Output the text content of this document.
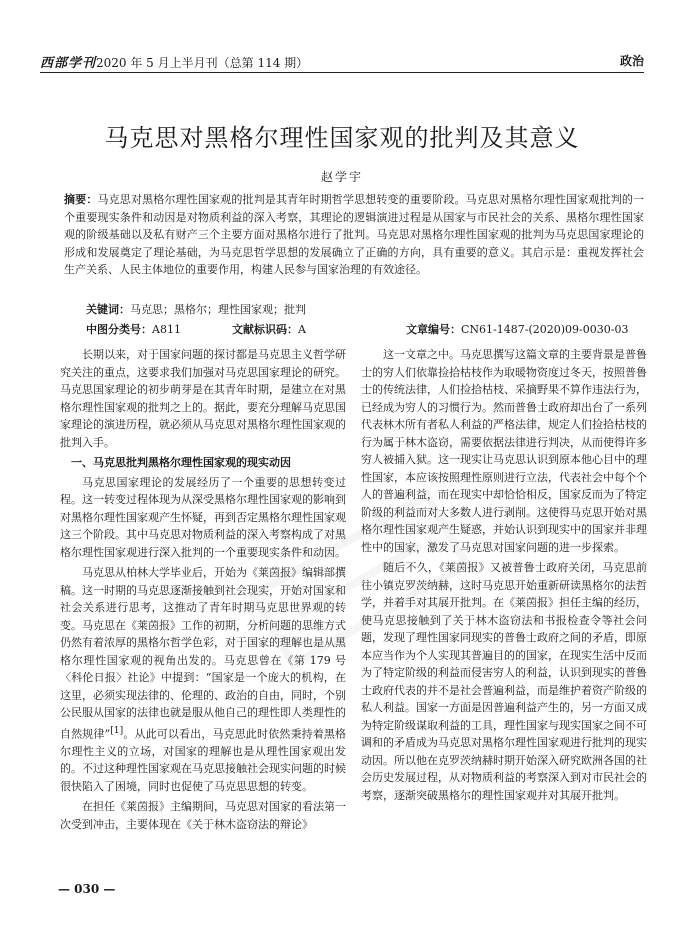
西部学刊2020 年 5 月上半月刊（总第 114 期）	政治
马克思对黑格尔理性国家观的批判及其意义
赵学宇
摘要：马克思对黑格尔理性国家观的批判是其青年时期哲学思想转变的重要阶段。马克思对黑格尔理性国家观批判的一个重要现实条件和动因是对物质利益的深入考察，其理论的逻辑演进过程是从国家与市民社会的关系、黑格尔理性国家观的阶级基础以及私有财产三个主要方面对黑格尔进行了批判。马克思对黑格尔理性国家观的批判为马克思国家理论的形成和发展奠定了理论基础，为马克思哲学思想的发展确立了正确的方向，具有重要的意义。其启示是：重视发挥社会生产关系、人民主体地位的重要作用，构建人民参与国家治理的有效途径。
关键词：马克思；黑格尔；理性国家观；批判
中图分类号：A811	文献标识码：A	文章编号：CN61-1487-(2020)09-0030-03

长期以来，对于国家问题的探讨都是马克思主义哲学研究关注的重点，这要求我们加强对马克思国家理论的研究。马克思国家理论的初步萌芽是在其青年时期，是建立在对黑格尔理性国家观的批判之上的。据此，要充分理解马克思国家理论的演进历程，就必须从马克思对黑格尔理性国家观的批判入手。

一、马克思批判黑格尔理性国家观的现实动因

马克思国家理论的发展经历了一个重要的思想转变过程。这一转变过程体现为从深受黑格尔理性国家观的影响到对黑格尔理性国家观产生怀疑，再到否定黑格尔理性国家观这三个阶段。其中马克思对物质利益的深入考察构成了对黑格尔理性国家观进行深入批判的一个重要现实条件和动因。

马克思从柏林大学毕业后，开始为《莱茵报》编辑部撰稿。这一时期的马克思逐渐接触到社会现实，开始对国家和社会关系进行思考，这推动了青年时期马克思世界观的转变。马克思在《莱茵报》工作的初期，分析问题的思维方式仍然有着浓厚的黑格尔哲学色彩，对于国家的理解也是从黑格尔理性国家观的视角出发的。马克思曾在《第 179 号〈科伦日报〉社论》中提到：“国家是一个庞大的机构，在这里，必须实现法律的、伦理的、政治的自由，同时，个别公民服从国家的法律也就是服从他自己的理性即人类理性的自然规律”[1]。从此可以看出，马克思此时依然秉持着黑格尔理性主义的立场，对国家的理解也是从理性国家观出发的。不过这种理性国家观在马克思接触社会现实问题的时候很快陷入了困境，同时也促使了马克思思想的转变。

在担任《莱茵报》主编期间，马克思对国家的看法第一次受到冲击，主要体现在《关于林木盗窃法的辩论》

这一文章之中。马克思撰写这篇文章的主要背景是普鲁士的穷人们依靠捡拾枯枝作为取暖物资度过冬天，按照普鲁士的传统法律，人们捡拾枯枝、采摘野果不算作违法行为，已经成为穷人的习惯行为。然而普鲁士政府却出台了一系列代表林木所有者私人利益的严格法律，规定人们捡拾枯枝的行为属于林木盗窃，需要依据法律进行判决，从而使得许多穷人被捕入狱。这一现实让马克思认识到原本他心目中的理性国家，本应该按照理性原则进行立法，代表社会中每个个人的普遍利益，而在现实中却恰恰相反，国家反而为了特定阶级的利益而对大多数人进行剥削。这使得马克思开始对黑格尔理性国家观产生疑惑，并始认识到现实中的国家并非理性中的国家，激发了马克思对国家问题的进一步探索。

随后不久，《莱茵报》又被普鲁士政府关闭，马克思前往小镇克罗茨纳赫，这时马克思开始重新研读黑格尔的法哲学，并着手对其展开批判。在《莱茵报》担任主编的经历，使马克思接触到了关于林木盗窃法和书报检查令等社会问题，发现了理性国家同现实的普鲁士政府之间的矛盾，即原本应当作为个人实现其普遍目的的国家，在现实生活中反而为了特定阶级的利益而侵害穷人的利益，认识到现实的普鲁士政府代表的并不是社会普遍利益，而是维护着资产阶级的私人利益。国家一方面是因普遍利益产生的，另一方面又成为特定阶级谋取利益的工具，理性国家与现实国家之间不可调和的矛盾成为马克思对黑格尔理性国家观进行批判的现实动因。所以他在克罗茨纳赫时期开始深入研究欧洲各国的社会历史发展过程，从对物质利益的考察深入到对市民社会的考察，逐渐突破黑格尔的理性国家观并对其展开批判。

— 030 —
